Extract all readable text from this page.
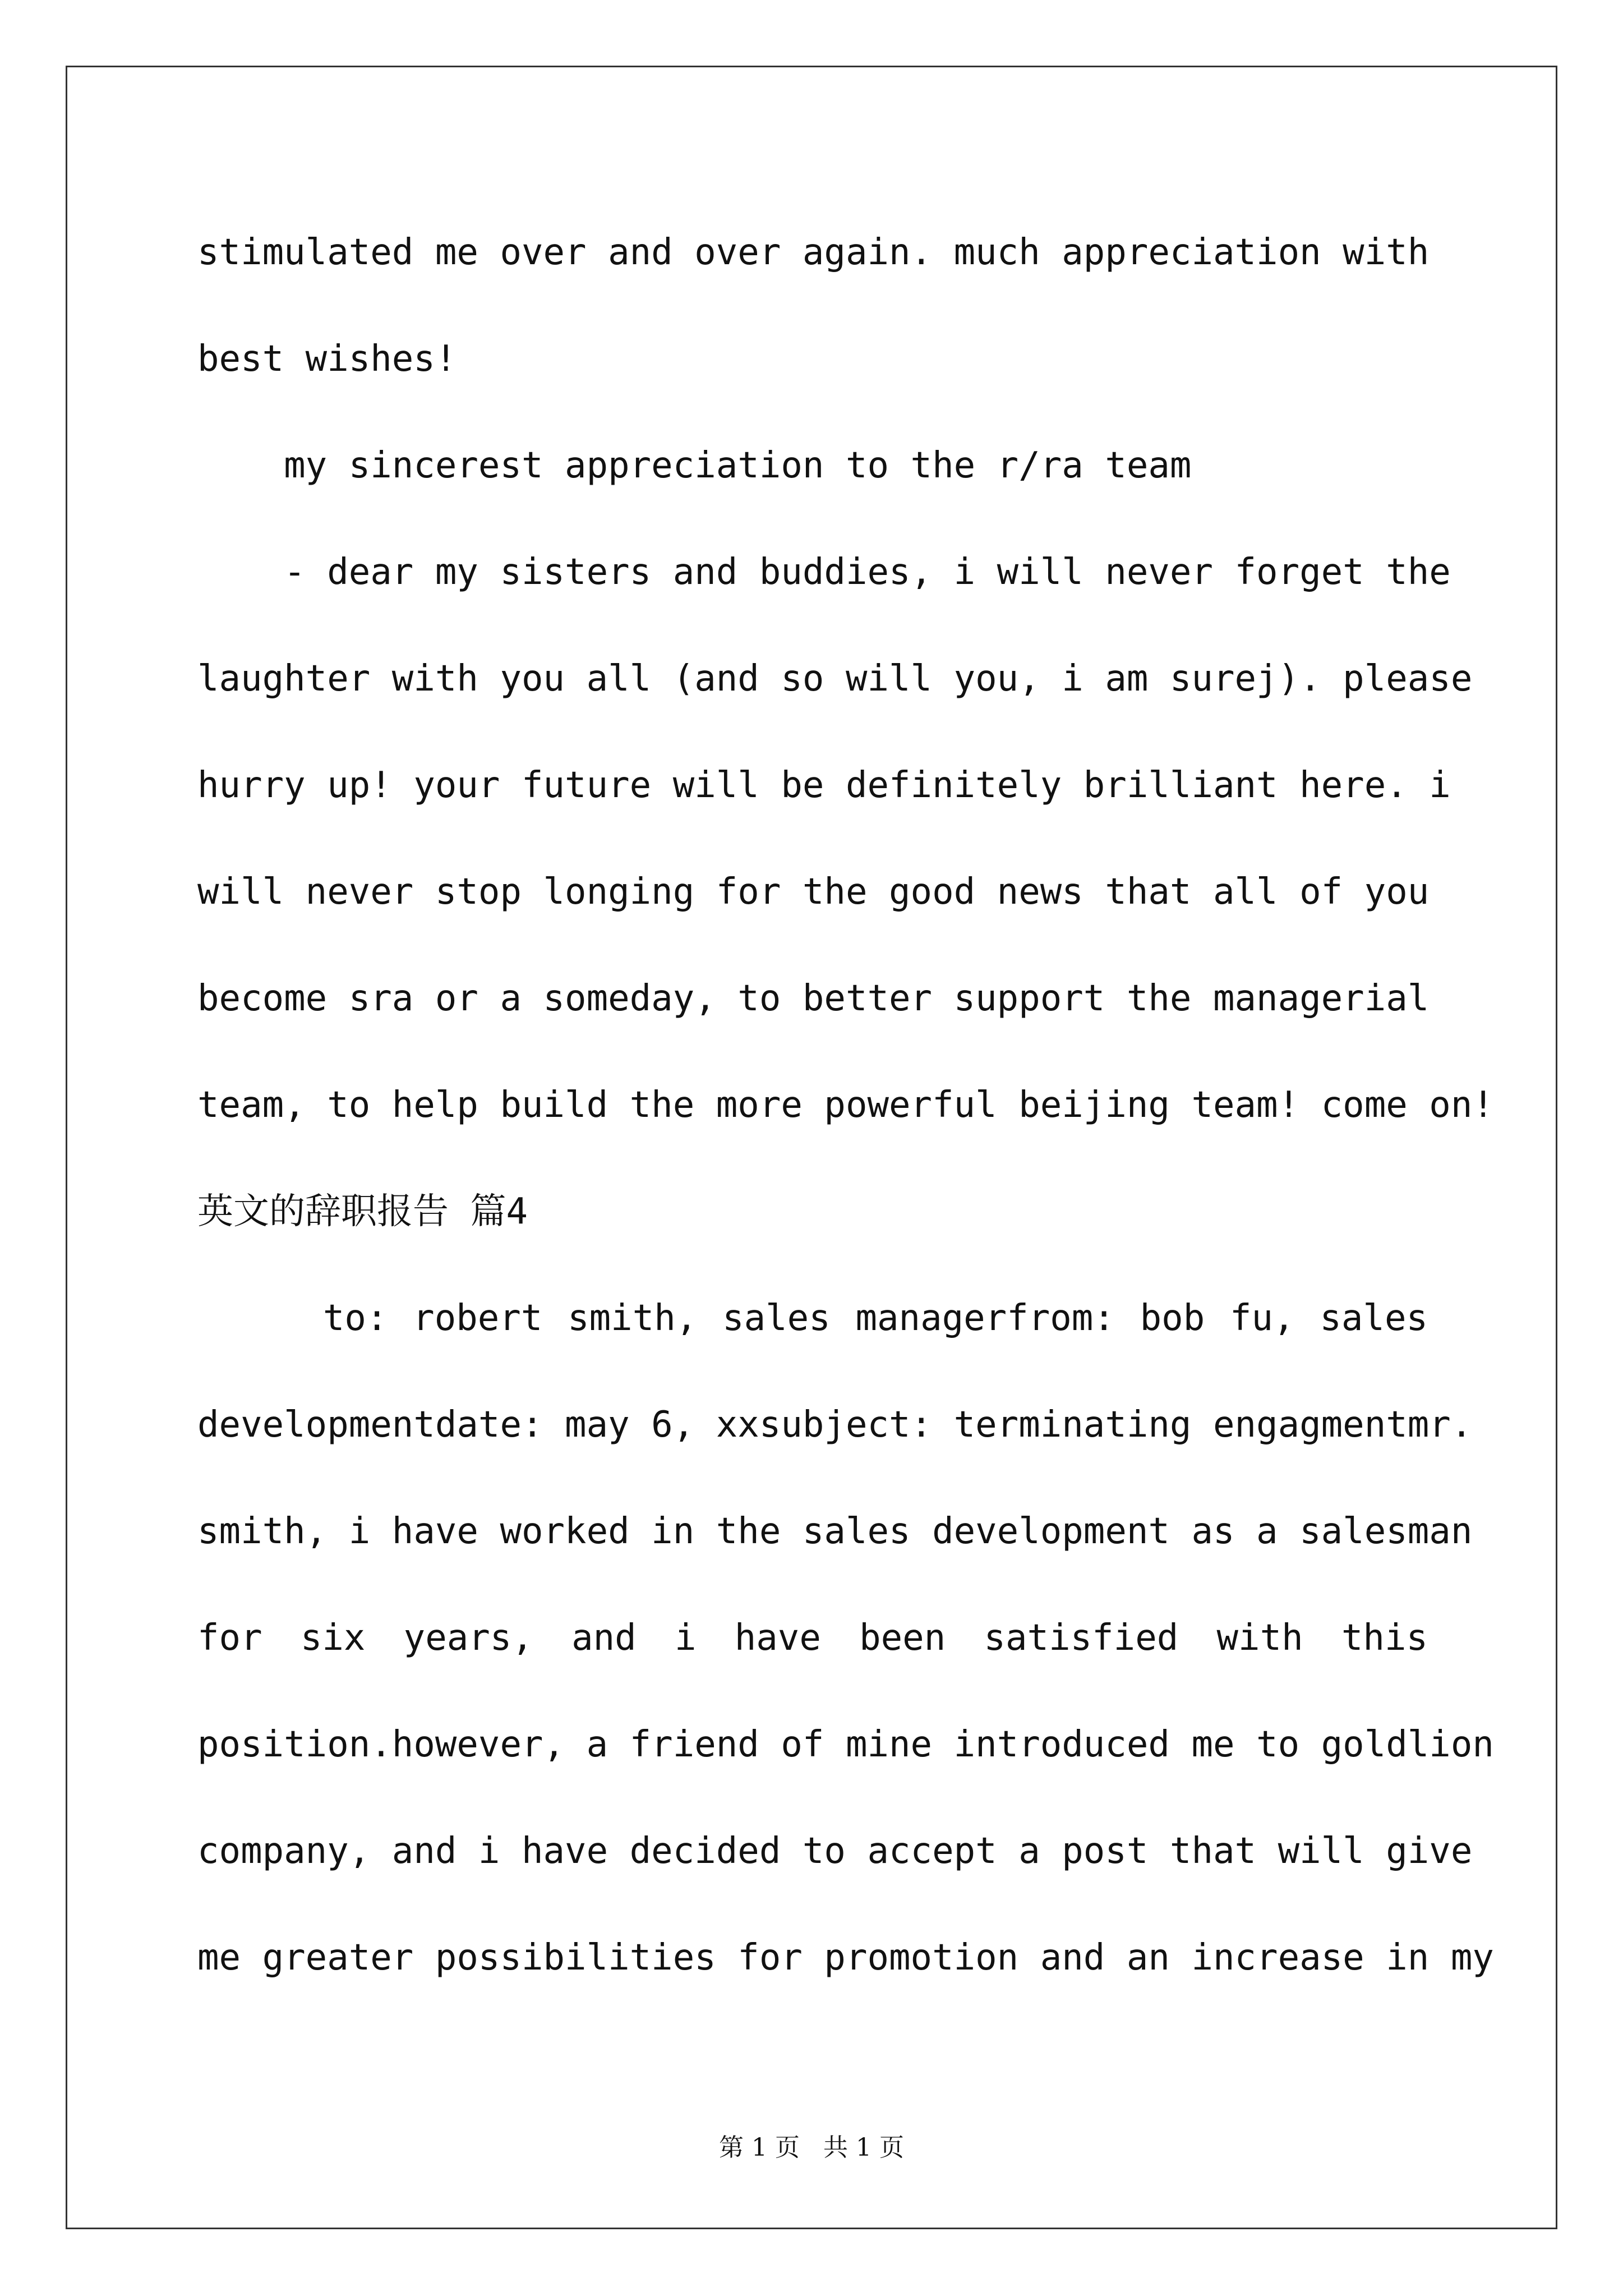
stimulated me over and over again. much appreciation with
best wishes!
my sincerest appreciation to the r/ra team
- dear my sisters and buddies, i will never forget the
laughter with you all (and so will you, i am surej). please
hurry up! your future will be definitely brilliant here. i
will never stop longing for the good news that all of you
become sra or a someday, to better support the managerial
team, to help build the more powerful beijing team! come on!
英文的辞职报告 篇4
to: robert smith, sales managerfrom: bob fu, sales
developmentdate: may 6, xxsubject: terminating engagmentmr.
smith, i have worked in the sales development as a salesman
for six years, and i have been satisfied with this
position.however, a friend of mine introduced me to goldlion
company, and i have decided to accept a post that will give
me greater possibilities for promotion and an increase in my
第 1 页   共 1 页
